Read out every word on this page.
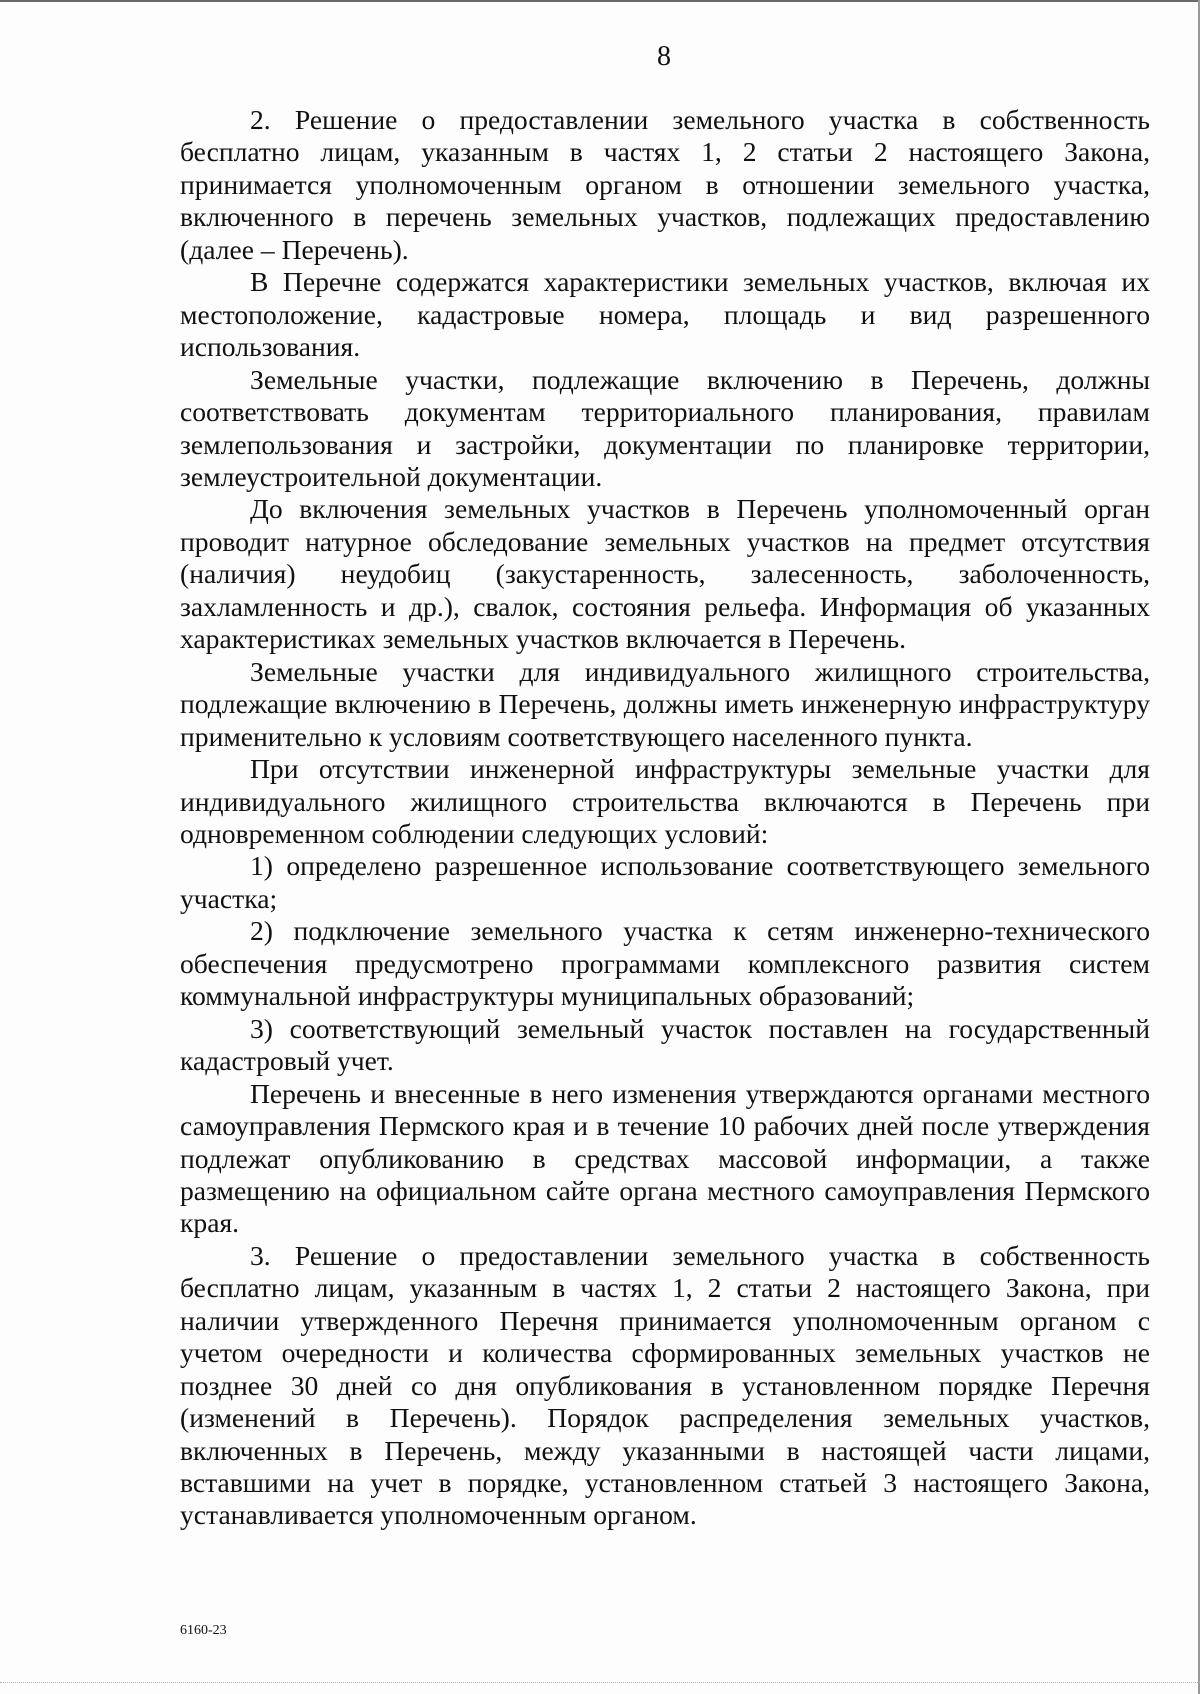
8

2. Решение о предоставлении земельного участка в собственность бесплатно лицам, указанным в частях 1, 2 статьи 2 настоящего Закона, принимается уполномоченным органом в отношении земельного участка, включенного в перечень земельных участков, подлежащих предоставлению (далее – Перечень).

В Перечне содержатся характеристики земельных участков, включая их местоположение, кадастровые номера, площадь и вид разрешенного использования.

Земельные участки, подлежащие включению в Перечень, должны соответствовать документам территориального планирования, правилам землепользования и застройки, документации по планировке территории, землеустроительной документации.

До включения земельных участков в Перечень уполномоченный орган проводит натурное обследование земельных участков на предмет отсутствия (наличия) неудобиц (закустаренность, залесенность, заболоченность, захламленность и др.), свалок, состояния рельефа. Информация об указанных характеристиках земельных участков включается в Перечень.

Земельные участки для индивидуального жилищного строительства, подлежащие включению в Перечень, должны иметь инженерную инфраструктуру применительно к условиям соответствующего населенного пункта.

При отсутствии инженерной инфраструктуры земельные участки для индивидуального жилищного строительства включаются в Перечень при одновременном соблюдении следующих условий:

1) определено разрешенное использование соответствующего земельного участка;

2) подключение земельного участка к сетям инженерно-технического обеспечения предусмотрено программами комплексного развития систем коммунальной инфраструктуры муниципальных образований;

3) соответствующий земельный участок поставлен на государственный кадастровый учет.

Перечень и внесенные в него изменения утверждаются органами местного самоуправления Пермского края и в течение 10 рабочих дней после утверждения подлежат опубликованию в средствах массовой информации, а также размещению на официальном сайте органа местного самоуправления Пермского края.

3. Решение о предоставлении земельного участка в собственность бесплатно лицам, указанным в частях 1, 2 статьи 2 настоящего Закона, при наличии утвержденного Перечня принимается уполномоченным органом с учетом очередности и количества сформированных земельных участков не позднее 30 дней со дня опубликования в установленном порядке Перечня (изменений в Перечень). Порядок распределения земельных участков, включенных в Перечень, между указанными в настоящей части лицами, вставшими на учет в порядке, установленном статьей 3 настоящего Закона, устанавливается уполномоченным органом.

6160-23
